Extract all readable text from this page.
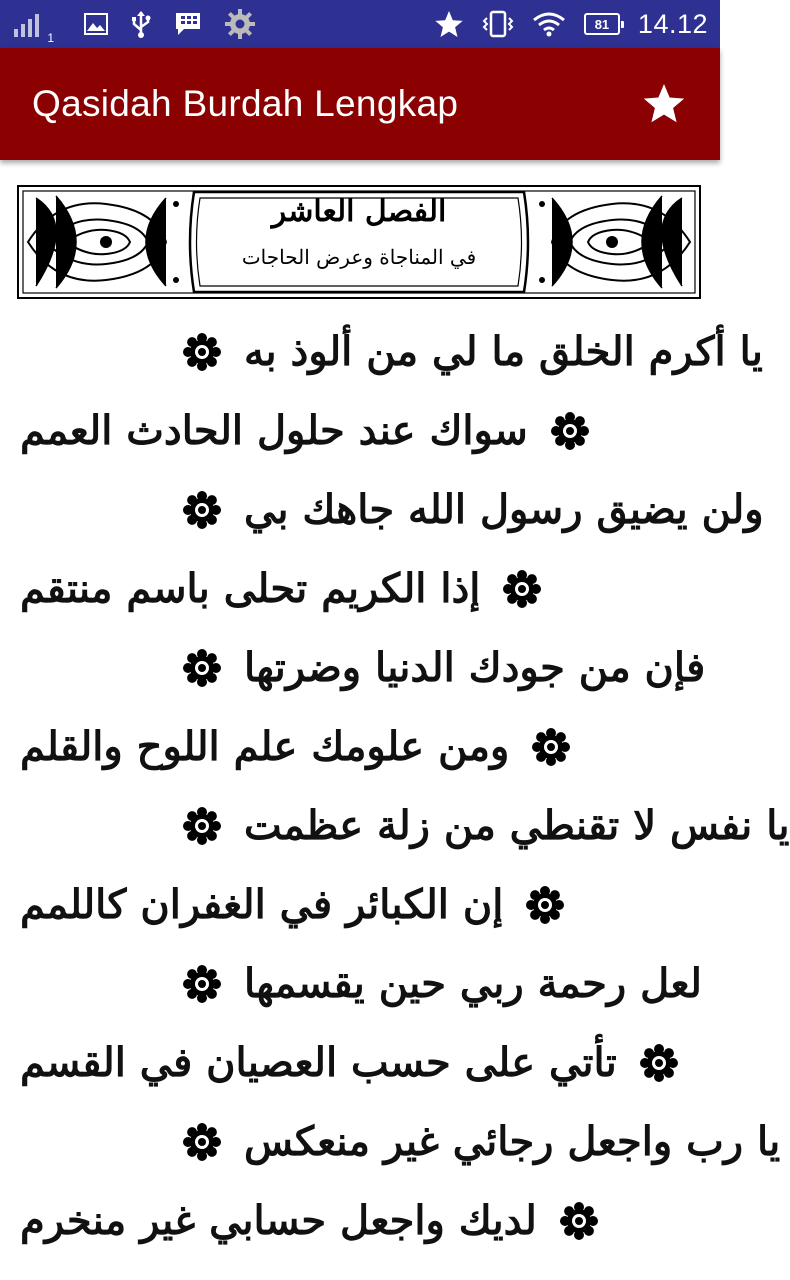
1
81	14.12
Qasidah Burdah Lengkap
الفصل العاشر
في المناجاة وعرض الحاجات
يا أكرم الخلق ما لي من ألوذ به
سواك عند حلول الحادث العمم
ولن يضيق رسول الله جاهك بي
إذا الكريم تحلى باسم منتقم
فإن من جودك الدنيا وضرتها
ومن علومك علم اللوح والقلم
يا نفس لا تقنطي من زلة عظمت
إن الكبائر في الغفران كاللمم
لعل رحمة ربي حين يقسمها
تأتي على حسب العصيان في القسم
يا رب واجعل رجائي غير منعكس
لديك واجعل حسابي غير منخرم
